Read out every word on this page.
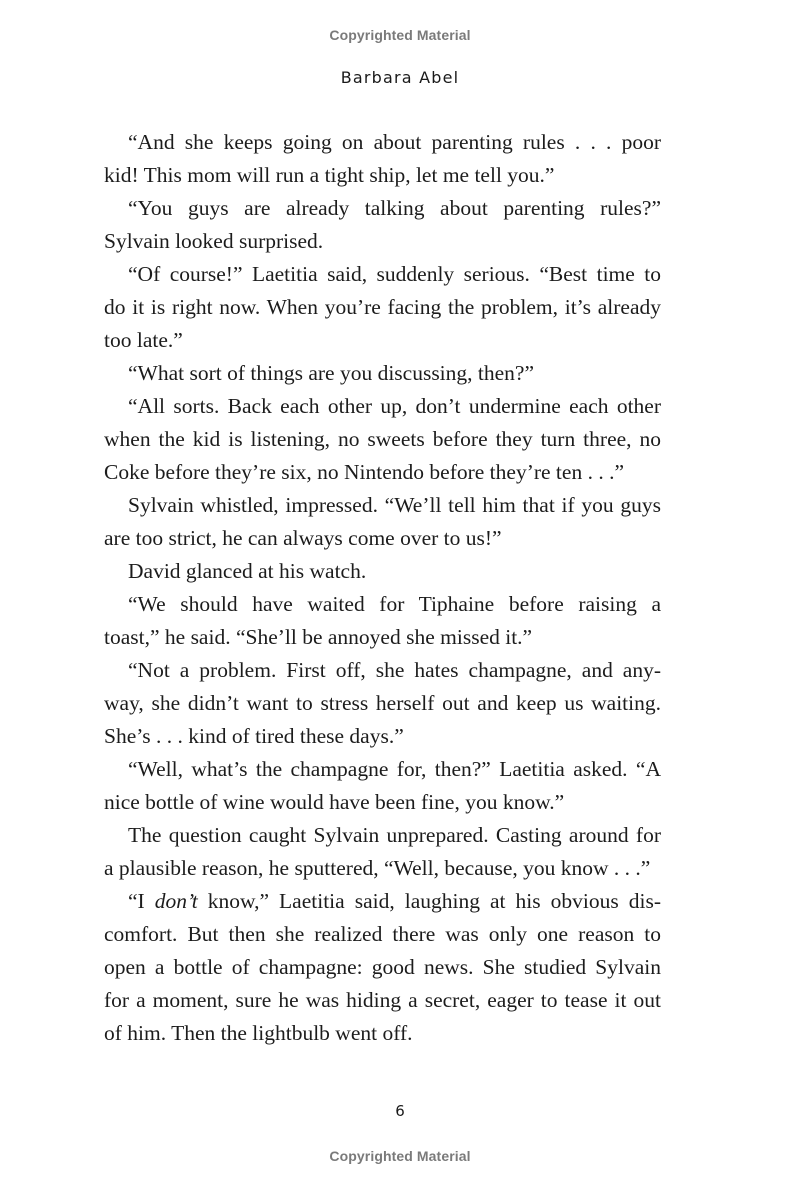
Copyrighted Material
Barbara Abel
“And she keeps going on about parenting rules . . . poor
kid! This mom will run a tight ship, let me tell you.”
“You guys are already talking about parenting rules?”
Sylvain looked surprised.
“Of course!” Laetitia said, suddenly serious. “Best time to
do it is right now. When you’re facing the problem, it’s already
too late.”
“What sort of things are you discussing, then?”
“All sorts. Back each other up, don’t undermine each other
when the kid is listening, no sweets before they turn three, no
Coke before they’re six, no Nintendo before they’re ten . . .”
Sylvain whistled, impressed. “We’ll tell him that if you guys
are too strict, he can always come over to us!”
David glanced at his watch.
“We should have waited for Tiphaine before raising a
toast,” he said. “She’ll be annoyed she missed it.”
“Not a problem. First off, she hates champagne, and any-
way, she didn’t want to stress herself out and keep us waiting.
She’s . . . kind of tired these days.”
“Well, what’s the champagne for, then?” Laetitia asked. “A
nice bottle of wine would have been fine, you know.”
The question caught Sylvain unprepared. Casting around for
a plausible reason, he sputtered, “Well, because, you know . . .”
“I don’t know,” Laetitia said, laughing at his obvious dis-
comfort. But then she realized there was only one reason to
open a bottle of champagne: good news. She studied Sylvain
for a moment, sure he was hiding a secret, eager to tease it out
of him. Then the lightbulb went off.
6
Copyrighted Material
